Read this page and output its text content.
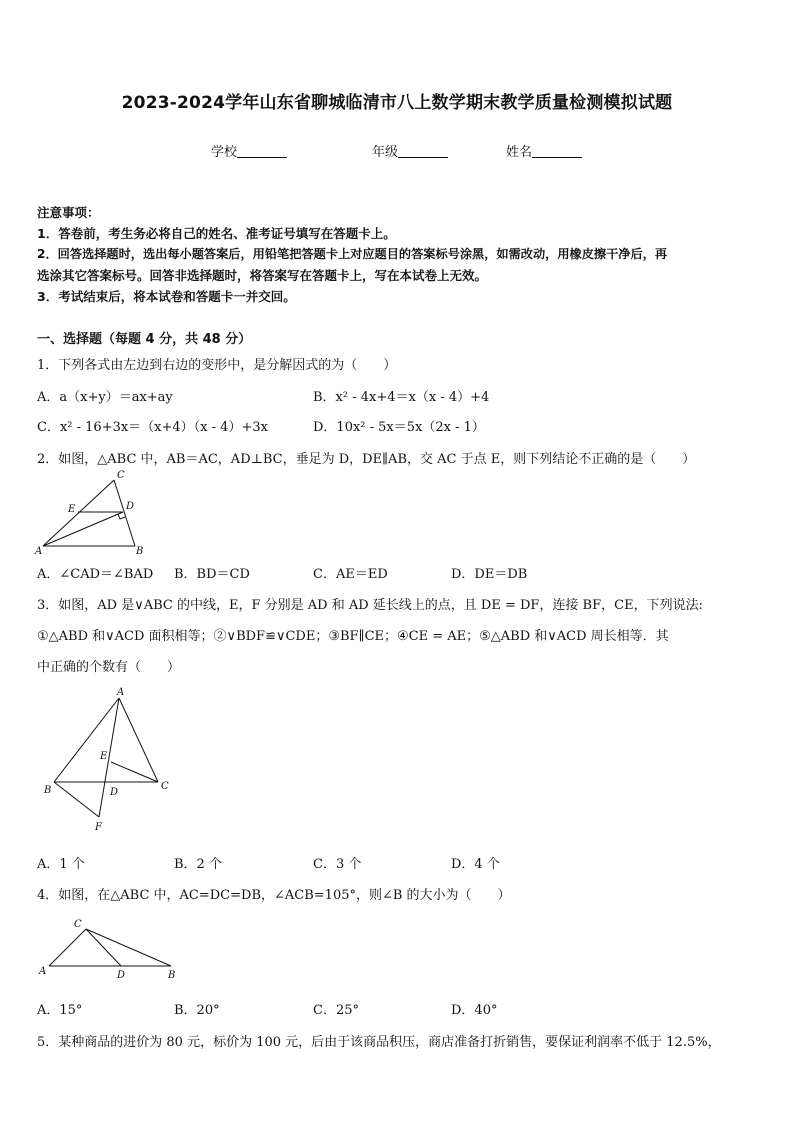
2023-2024学年山东省聊城临清市八上数学期末教学质量检测模拟试题
学校	年级	姓名
注意事项：
1．答卷前，考生务必将自己的姓名、准考证号填写在答题卡上。
2．回答选择题时，选出每小题答案后，用铅笔把答题卡上对应题目的答案标号涂黑，如需改动，用橡皮擦干净后，再
选涂其它答案标号。回答非选择题时，将答案写在答题卡上，写在本试卷上无效。
3．考试结束后，将本试卷和答题卡一并交回。
一、选择题（每题 4 分，共 48 分）
1．下列各式由左边到右边的变形中，是分解因式的为（　　）
A．a（x+y）＝ax+ay	B．x² - 4x+4＝x（x - 4）+4
C．x² - 16+3x＝（x+4）（x - 4）+3x	D．10x² - 5x＝5x（2x - 1）
2．如图，△ABC 中，AB＝AC，AD⊥BC，垂足为 D，DE∥AB，交 AC 于点 E，则下列结论不正确的是（　　）
C
E	D
A	B
A．∠CAD＝∠BAD B．BD＝CD	C．AE＝ED	D．DE＝DB
3．如图，AD 是∨ABC 的中线，E，F 分别是 AD 和 AD 延长线上的点，且 DE = DF，连接 BF，CE，下列说法:
①△ABD 和∨ACD 面积相等；②∨BDF≌∨CDE；③BF∥CE；④CE = AE；⑤△ABD 和∨ACD 周长相等．其
中正确的个数有（　　）
A
E
B	D
C
F
A．1 个	B．2 个	C．3 个	D．4 个
4．如图，在△ABC 中，AC=DC=DB，∠ACB=105°，则∠B 的大小为（　　）
C
A	D	B
A．15°	B．20°	C．25°	D．40°
5．某种商品的进价为 80 元，标价为 100 元，后由于该商品积压，商店准备打折销售，要保证利润率不低于 12.5%，
